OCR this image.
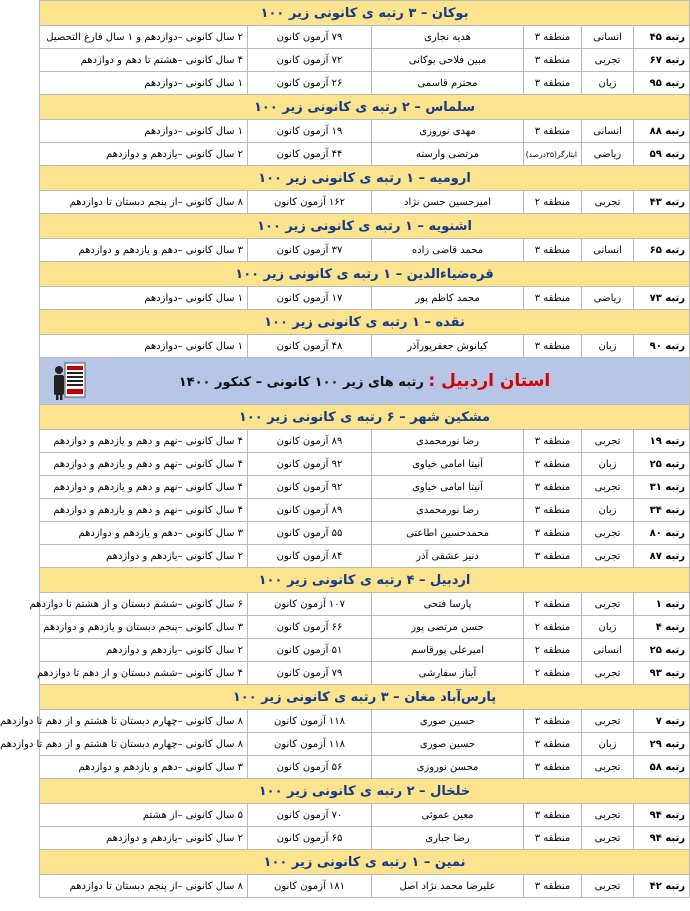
بوکان – ۳ رتبه ی کانونی زیر ۱۰۰					
رتبه ۴۵	انسانی	منطقه ۳	هدیه نجاری	۷۹ آزمون کانون	۲ سال کانونی –دوازدهم و ۱ سال فارغ التحصیل
رتبه ۶۷	تجربی	منطقه ۳	مبین فلاحی بوکانی	۷۲ آزمون کانون	۴ سال کانونی –هشتم تا دهم و دوازدهم
رتبه ۹۵	زبان	منطقه ۳	محترم قاسمی	۲۶ آزمون کانون	۱ سال کانونی –دوازدهم
سلماس – ۲ رتبه ی کانونی زیر ۱۰۰					
رتبه ۸۸	انسانی	منطقه ۳	مهدی نوروزی	۱۹ آزمون کانون	۱ سال کانونی –دوازدهم
رتبه ۵۹	ریاضی	ایثارگر(۲۵درصد)	مرتضی وارسته	۴۴ آزمون کانون	۲ سال کانونی –یازدهم و دوازدهم
ارومیه – ۱ رتبه ی کانونی زیر ۱۰۰					
رتبه ۴۳	تجربی	منطقه ۲	امیرحسین حسن نژاد	۱۶۲ آزمون کانون	۸ سال کانونی –از پنجم دبستان تا دوازدهم
اشنویه – ۱ رتبه ی کانونی زیر ۱۰۰					
رتبه ۶۵	انسانی	منطقه ۳	محمد قاضی زاده	۳۷ آزمون کانون	۳ سال کانونی –دهم و یازدهم و دوازدهم
قره‌ضیاءالدین – ۱ رتبه ی کانونی زیر ۱۰۰					
رتبه ۷۳	ریاضی	منطقه ۳	محمد کاظم پور	۱۷ آزمون کانون	۱ سال کانونی –دوازدهم
نقده – ۱ رتبه ی کانونی زیر ۱۰۰					
رتبه ۹۰	زبان	منطقه ۳	کیانوش جعفرپورآذر	۴۸ آزمون کانون	۱ سال کانونی –دوازدهم

استان اردبیل : رتبه های زیر ۱۰۰ کانونی – کنکور ۱۴۰۰					

مشکین شهر – ۶ رتبه ی کانونی زیر ۱۰۰					
رتبه ۱۹	تجربی	منطقه ۳	رضا نورمحمدی	۸۹ آزمون کانون	۴ سال کانونی –نهم و دهم و یازدهم و دوازدهم
رتبه ۲۵	زبان	منطقه ۳	آنیتا امامی خیاوی	۹۲ آزمون کانون	۴ سال کانونی –نهم و دهم و یازدهم و دوازدهم
رتبه ۳۱	تجربی	منطقه ۳	آنیتا امامی خیاوی	۹۲ آزمون کانون	۴ سال کانونی –نهم و دهم و یازدهم و دوازدهم
رتبه ۳۴	زبان	منطقه ۳	رضا نورمحمدی	۸۹ آزمون کانون	۴ سال کانونی –نهم و دهم و یازدهم و دوازدهم
رتبه ۸۰	تجربی	منطقه ۳	محمدحسین اطاعتی	۵۵ آزمون کانون	۳ سال کانونی –دهم و یازدهم و دوازدهم
رتبه ۸۷	تجربی	منطقه ۳	دنیز عشقی آذر	۸۴ آزمون کانون	۲ سال کانونی –یازدهم و دوازدهم
اردبیل – ۴ رتبه ی کانونی زیر ۱۰۰					
رتبه ۱	تجربی	منطقه ۲	پارسا فتحی	۱۰۷ آزمون کانون	۶ سال کانونی –ششم دبستان و از هشتم تا دوازدهم
رتبه ۴	زبان	منطقه ۲	حسن مرتضی پور	۶۶ آزمون کانون	۳ سال کانونی –پنجم دبستان و یازدهم و دوازدهم
رتبه ۲۵	انسانی	منطقه ۲	امیرعلی پورقاسم	۵۱ آزمون کانون	۲ سال کانونی –یازدهم و دوازدهم
رتبه ۹۳	تجربی	منطقه ۲	آیناز سفارشی	۷۹ آزمون کانون	۴ سال کانونی –ششم دبستان و از دهم تا دوازدهم
پارس‌آباد مغان – ۳ رتبه ی کانونی زیر ۱۰۰					
رتبه ۷	تجربی	منطقه ۳	حسین صوری	۱۱۸ آزمون کانون	۸ سال کانونی –چهارم دبستان تا هشتم و از دهم تا دوازدهم
رتبه ۲۹	زبان	منطقه ۳	حسین صوری	۱۱۸ آزمون کانون	۸ سال کانونی –چهارم دبستان تا هشتم و از دهم تا دوازدهم
رتبه ۵۸	تجربی	منطقه ۳	محسن نوروزی	۵۶ آزمون کانون	۳ سال کانونی –دهم و یازدهم و دوازدهم
خلخال – ۲ رتبه ی کانونی زیر ۱۰۰					
رتبه ۹۴	تجربی	منطقه ۳	معین عموئی	۷۰ آزمون کانون	۵ سال کانونی –از هشتم
رتبه ۹۴	تجربی	منطقه ۳	رضا جباری	۶۵ آزمون کانون	۲ سال کانونی –یازدهم و دوازدهم
نمین – ۱ رتبه ی کانونی زیر ۱۰۰					
رتبه ۴۲	تجربی	منطقه ۳	علیرضا محمد نژاد اصل	۱۸۱ آزمون کانون	۸ سال کانونی –از پنجم دبستان تا دوازدهم
